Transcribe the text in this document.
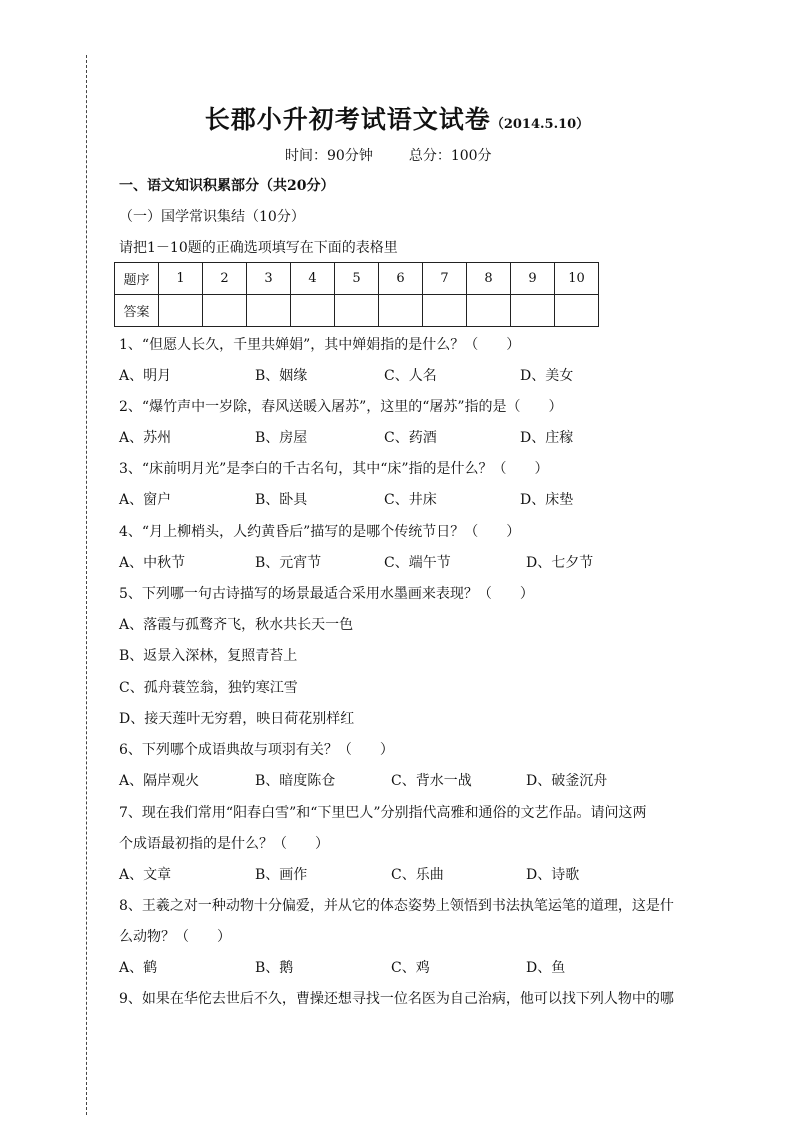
长郡小升初考试语文试卷（2014.5.10）
时间：90分钟	总分：100分
一、语文知识积累部分（共20分）
（一）国学常识集结（10分）
请把1－10题的正确选项填写在下面的表格里
题序	1	2	3	4	5	6	7	8	9	10
答案										
1、“但愿人长久，千里共婵娟”，其中婵娟指的是什么？（　　）
A、明月	B、姻缘	C、人名	D、美女
2、“爆竹声中一岁除，春风送暖入屠苏”，这里的“屠苏”指的是（　　）
A、苏州	B、房屋	C、药酒	D、庄稼
3、“床前明月光”是李白的千古名句，其中“床”指的是什么？（　　）
A、窗户	B、卧具	C、井床	D、床垫
4、“月上柳梢头，人约黄昏后”描写的是哪个传统节日？（　　）
A、中秋节	B、元宵节	C、端午节	D、七夕节
5、下列哪一句古诗描写的场景最适合采用水墨画来表现？（　　）
A、落霞与孤鹜齐飞，秋水共长天一色
B、返景入深林，复照青苔上
C、孤舟蓑笠翁，独钓寒江雪
D、接天莲叶无穷碧，映日荷花别样红
6、下列哪个成语典故与项羽有关？（　　）
A、隔岸观火	B、暗度陈仓	C、背水一战	D、破釜沉舟
7、现在我们常用“阳春白雪”和“下里巴人”分别指代高雅和通俗的文艺作品。请问这两
个成语最初指的是什么？（　　）
A、文章	B、画作	C、乐曲	D、诗歌
8、王羲之对一种动物十分偏爱，并从它的体态姿势上领悟到书法执笔运笔的道理，这是什
么动物？（　　）
A、鹤	B、鹅	C、鸡	D、鱼
9、如果在华佗去世后不久，曹操还想寻找一位名医为自己治病，他可以找下列人物中的哪
